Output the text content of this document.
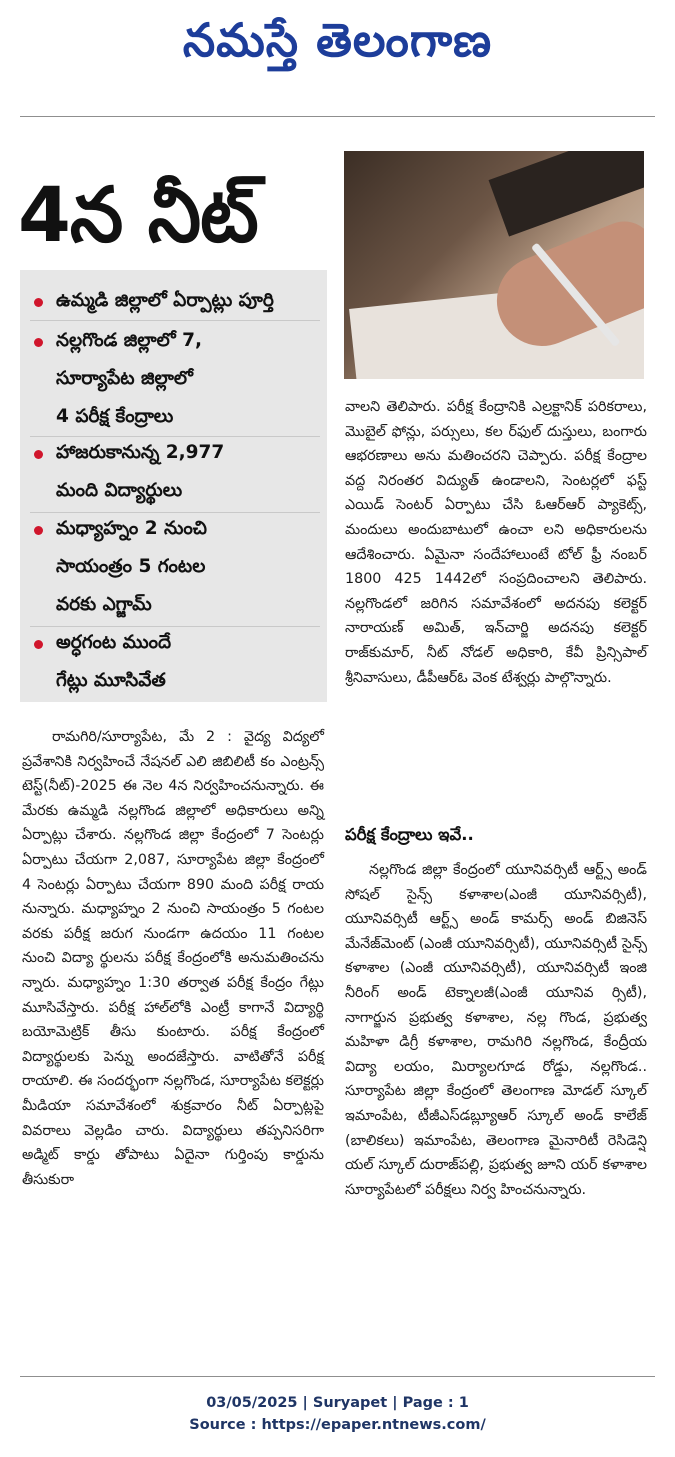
నమస్తే తెలంగాణ
4న నీట్
ఉమ్మడి జిల్లాలో ఏర్పాట్లు పూర్తి
నల్లగొండ జిల్లాలో 7,
సూర్యాపేట జిల్లాలో
4 పరీక్ష కేంద్రాలు
హాజరుకానున్న 2,977
మంది విద్యార్థులు
మధ్యాహ్నం 2 నుంచి
సాయంత్రం 5 గంటల
వరకు ఎగ్జామ్
అర్ధగంట ముందే
గేట్లు మూసివేత
రామగిరి/సూర్యాపేట, మే 2 : వైద్య విద్యలో ప్రవేశానికి నిర్వహించే నేషనల్ ఎలి జిబిలిటీ కం ఎంట్రన్స్ టెస్ట్(నీట్)-2025 ఈ నెల 4న నిర్వహించనున్నారు. ఈ మేరకు ఉమ్మడి నల్లగొండ జిల్లాలో అధికారులు అన్ని ఏర్పాట్లు చేశారు. నల్లగొండ జిల్లా కేంద్రంలో 7 సెంటర్లు ఏర్పాటు చేయగా 2,087, సూర్యాపేట జిల్లా కేంద్రంలో 4 సెంటర్లు ఏర్పాటు చేయగా 890 మంది పరీక్ష రాయ నున్నారు. మధ్యాహ్నం 2 నుంచి సాయంత్రం 5 గంటల వరకు పరీక్ష జరుగ నుండగా ఉదయం 11 గంటల నుంచి విద్యా ర్థులను పరీక్ష కేంద్రంలోకి అనుమతించను న్నారు. మధ్యాహ్నం 1:30 తర్వాత పరీక్ష కేంద్రం గేట్లు మూసివేస్తారు. పరీక్ష హాల్‌లోకి ఎంట్రీ కాగానే విద్యార్థి బయోమెట్రిక్ తీసు కుంటారు. పరీక్ష కేంద్రంలో విద్యార్థులకు పెన్ను అందజేస్తారు. వాటితోనే పరీక్ష రాయాలి. ఈ సందర్భంగా నల్లగొండ, సూర్యాపేట కలెక్టర్లు మీడియా సమావేశంలో శుక్రవారం నీట్ ఏర్పాట్లపై వివరాలు వెల్లడిం చారు. విద్యార్థులు తప్పనిసరిగా అడ్మిట్ కార్డు తోపాటు ఏదైనా గుర్తింపు కార్డును తీసుకురా
వాలని తెలిపారు. పరీక్ష కేంద్రానికి ఎల్రక్టానిక్ పరికరాలు, మొబైల్ ఫోన్లు, పర్సులు, కల ర్‌ఫుల్ దుస్తులు, బంగారు ఆభరణాలు అను మతించరని చెప్పారు. పరీక్ష కేంద్రాల వద్ద నిరంతర విద్యుత్ ఉండాలని, సెంటర్లలో ఫస్ట్ ఎయిడ్ సెంటర్ ఏర్పాటు చేసి ఓఆర్‌ఆర్ ప్యాకెట్స్, మందులు అందుబాటులో ఉంచా లని అధికారులను ఆదేశించారు. ఏమైనా సందేహాలుంటే టోల్ ఫ్రీ నంబర్ 1800 425 1442లో సంప్రదించాలని తెలిపారు. నల్లగొండలో జరిగిన సమావేశంలో అదనపు కలెక్టర్ నారాయణ్ అమిత్, ఇన్‌చార్జి అదనపు కలెక్టర్ రాజ్‌కుమార్, నీట్ నోడల్ అధికారి, కేవీ ప్రిన్సిపాల్ శ్రీనివాసులు, డీపీఆర్‌ఓ వెంక టేశ్వర్లు పాల్గొన్నారు.
పరీక్ష కేంద్రాలు ఇవే..
నల్లగొండ జిల్లా కేంద్రంలో యూనివర్సిటీ ఆర్ట్స్ అండ్ సోషల్ సైన్స్ కళాశాల(ఎంజీ యూనివర్సిటీ), యూనివర్సిటీ ఆర్ట్స్ అండ్ కామర్స్ అండ్ బిజినెస్ మేనేజ్‌మెంట్ (ఎంజీ యూనివర్సిటీ), యూనివర్సిటీ సైన్స్ కళాశాల (ఎంజీ యూనివర్సిటీ), యూనివర్సిటీ ఇంజి నీరింగ్ అండ్ టెక్నాలజీ(ఎంజీ యూనివ ర్సిటీ), నాగార్జున ప్రభుత్వ కళాశాల, నల్ల గొండ, ప్రభుత్వ మహిళా డిగ్రీ కళాశాల, రామగిరి నల్లగొండ, కేంద్రీయ విద్యా లయం, మిర్యాలగూడ రోడ్డు, నల్లగొండ.. సూర్యాపేట జిల్లా కేంద్రంలో తెలంగాణ మోడల్ స్కూల్ ఇమాంపేట, టీజీఎస్‌డబ్ల్యూఆర్ స్కూల్ అండ్ కాలేజ్ (బాలికలు) ఇమాంపేట, తెలంగాణ మైనారిటీ రెసిడెన్షి యల్ స్కూల్ దురాజ్‌పల్లి, ప్రభుత్వ జూని యర్ కళాశాల సూర్యాపేటలో పరీక్షలు నిర్వ హించనున్నారు.
03/05/2025 | Suryapet | Page : 1
Source : https://epaper.ntnews.com/
